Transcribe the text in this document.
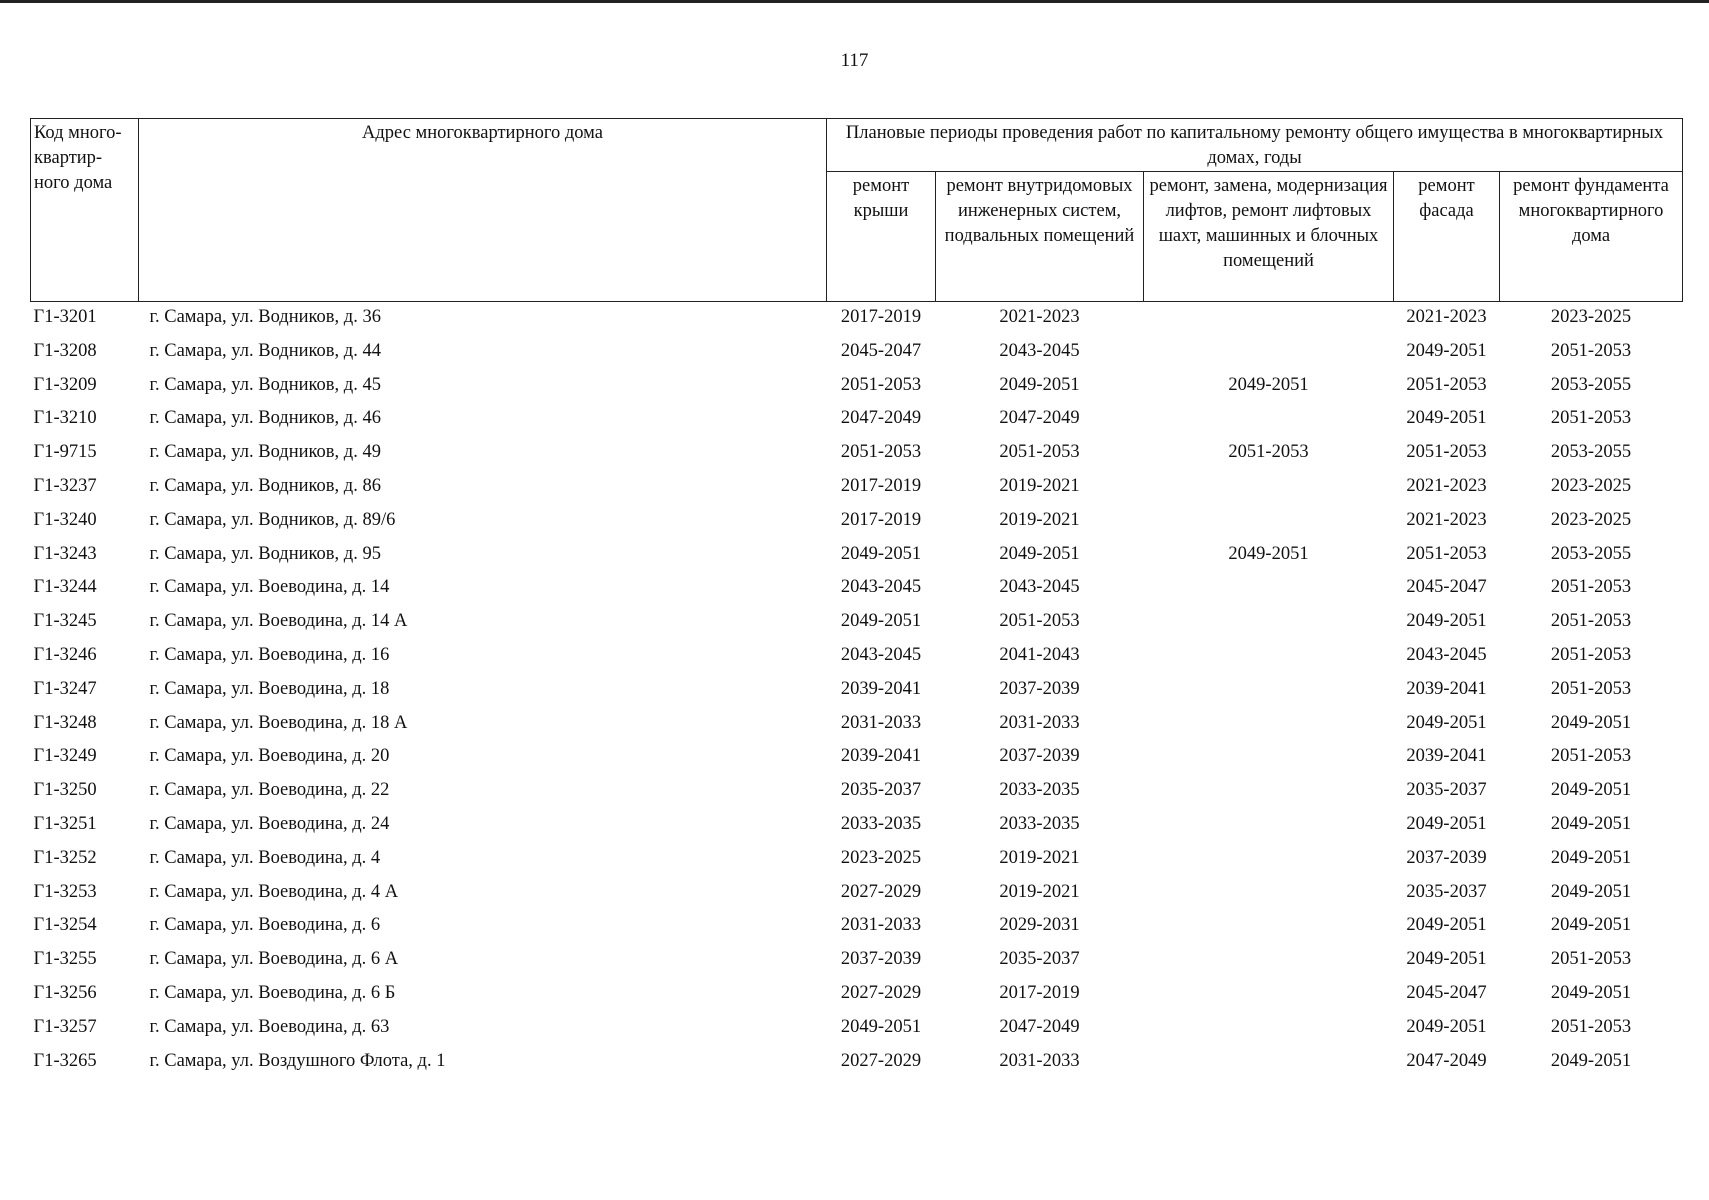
117
Код много-квартир-ного дома	Адрес многоквартирного дома	Плановые периоды проведения работ по капитальному ремонту общего имущества в многоквартирных домах, годы				
		ремонт крыши	ремонт внутридомовых инженерных систем, подвальных помещений	ремонт, замена, модернизация лифтов, ремонт лифтовых шахт, машинных и блочных помещений	ремонт фасада	ремонт фундамента многоквартирного дома
Г1-3201	г. Самара, ул. Водников, д. 36	2017-2019	2021-2023		2021-2023	2023-2025
Г1-3208	г. Самара, ул. Водников, д. 44	2045-2047	2043-2045		2049-2051	2051-2053
Г1-3209	г. Самара, ул. Водников, д. 45	2051-2053	2049-2051	2049-2051	2051-2053	2053-2055
Г1-3210	г. Самара, ул. Водников, д. 46	2047-2049	2047-2049		2049-2051	2051-2053
Г1-9715	г. Самара, ул. Водников, д. 49	2051-2053	2051-2053	2051-2053	2051-2053	2053-2055
Г1-3237	г. Самара, ул. Водников, д. 86	2017-2019	2019-2021		2021-2023	2023-2025
Г1-3240	г. Самара, ул. Водников, д. 89/6	2017-2019	2019-2021		2021-2023	2023-2025
Г1-3243	г. Самара, ул. Водников, д. 95	2049-2051	2049-2051	2049-2051	2051-2053	2053-2055
Г1-3244	г. Самара, ул. Воеводина, д. 14	2043-2045	2043-2045		2045-2047	2051-2053
Г1-3245	г. Самара, ул. Воеводина, д. 14 А	2049-2051	2051-2053		2049-2051	2051-2053
Г1-3246	г. Самара, ул. Воеводина, д. 16	2043-2045	2041-2043		2043-2045	2051-2053
Г1-3247	г. Самара, ул. Воеводина, д. 18	2039-2041	2037-2039		2039-2041	2051-2053
Г1-3248	г. Самара, ул. Воеводина, д. 18 А	2031-2033	2031-2033		2049-2051	2049-2051
Г1-3249	г. Самара, ул. Воеводина, д. 20	2039-2041	2037-2039		2039-2041	2051-2053
Г1-3250	г. Самара, ул. Воеводина, д. 22	2035-2037	2033-2035		2035-2037	2049-2051
Г1-3251	г. Самара, ул. Воеводина, д. 24	2033-2035	2033-2035		2049-2051	2049-2051
Г1-3252	г. Самара, ул. Воеводина, д. 4	2023-2025	2019-2021		2037-2039	2049-2051
Г1-3253	г. Самара, ул. Воеводина, д. 4 А	2027-2029	2019-2021		2035-2037	2049-2051
Г1-3254	г. Самара, ул. Воеводина, д. 6	2031-2033	2029-2031		2049-2051	2049-2051
Г1-3255	г. Самара, ул. Воеводина, д. 6 А	2037-2039	2035-2037		2049-2051	2051-2053
Г1-3256	г. Самара, ул. Воеводина, д. 6 Б	2027-2029	2017-2019		2045-2047	2049-2051
Г1-3257	г. Самара, ул. Воеводина, д. 63	2049-2051	2047-2049		2049-2051	2051-2053
Г1-3265	г. Самара, ул. Воздушного Флота, д. 1	2027-2029	2031-2033		2047-2049	2049-2051
